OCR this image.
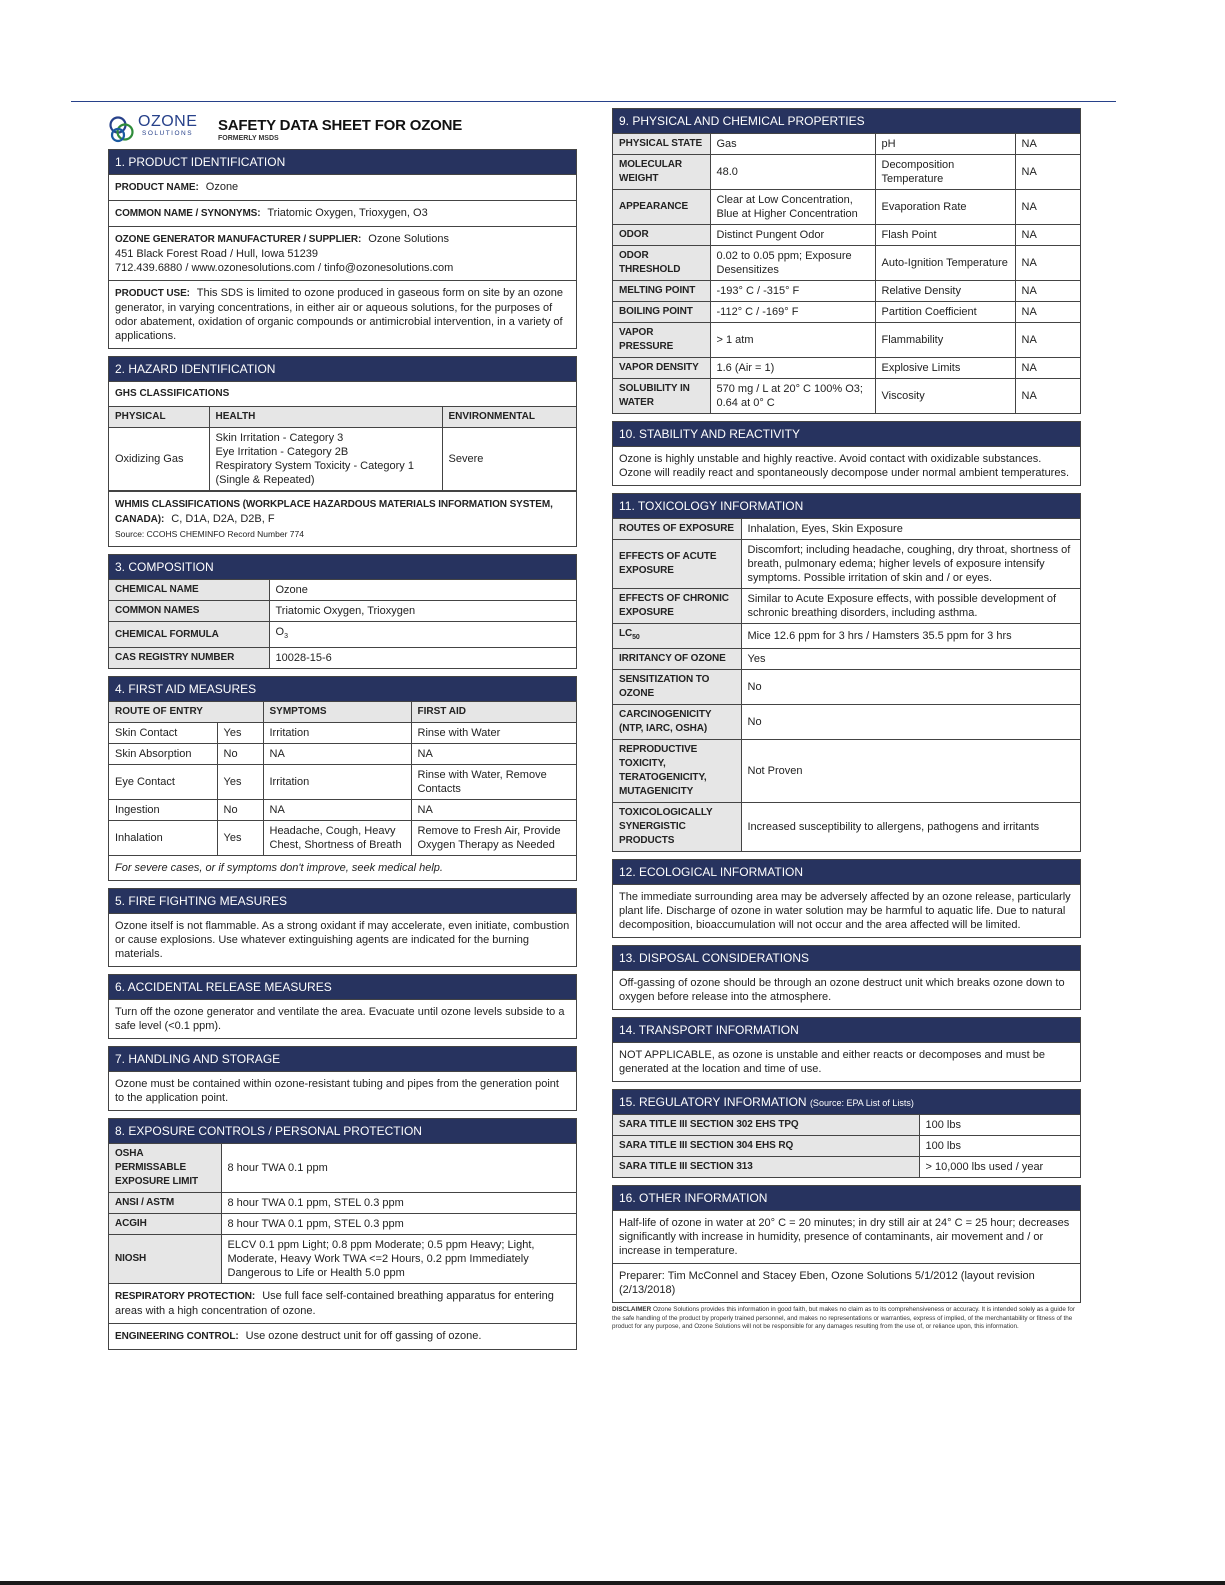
OZONE
SOLUTIONS SAFETY DATA SHEET FOR OZONE
FORMERLY MSDS
1. PRODUCT IDENTIFICATION
PRODUCT NAME: Ozone
COMMON NAME / SYNONYMS: Triatomic Oxygen, Trioxygen, O3
OZONE GENERATOR MANUFACTURER / SUPPLIER: Ozone Solutions
451 Black Forest Road / Hull, Iowa 51239
712.439.6880 / www.ozonesolutions.com / tinfo@ozonesolutions.com
PRODUCT USE: This SDS is limited to ozone produced in gaseous form on site by an ozone generator, in varying concentrations, in either air or aqueous solutions, for the purposes of odor abatement, oxidation of organic compounds or antimicrobial intervention, in a variety of applications.
2. HAZARD IDENTIFICATION
GHS CLASSIFICATIONS
PHYSICAL	HEALTH	ENVIRONMENTAL
Oxidizing Gas	Skin Irritation - Category 3
Eye Irritation - Category 2B
Respiratory System Toxicity - Category 1
(Single & Repeated)	Severe
WHMIS CLASSIFICATIONS (WORKPLACE HAZARDOUS MATERIALS INFORMATION SYSTEM, CANADA): C, D1A, D2A, D2B, F
Source: CCOHS CHEMINFO Record Number 774
3. COMPOSITION
CHEMICAL NAME	Ozone
COMMON NAMES	Triatomic Oxygen, Trioxygen
CHEMICAL FORMULA	$O_3$
CAS REGISTRY NUMBER	10028-15-6
4. FIRST AID MEASURES
ROUTE OF ENTRY		SYMPTOMS	FIRST AID
Skin Contact	Yes	Irritation	Rinse with Water
Skin Absorption	No	NA	NA
Eye Contact	Yes	Irritation	Rinse with Water, Remove Contacts
Ingestion	No	NA	NA
Inhalation	Yes	Headache, Cough, Heavy Chest, Shortness of Breath	Remove to Fresh Air, Provide Oxygen Therapy as Needed
For severe cases, or if symptoms don't improve, seek medical help.
5. FIRE FIGHTING MEASURES
Ozone itself is not flammable. As a strong oxidant if may accelerate, even initiate, combustion or cause explosions. Use whatever extinguishing agents are indicated for the burning materials.
6. ACCIDENTAL RELEASE MEASURES
Turn off the ozone generator and ventilate the area. Evacuate until ozone levels subside to a safe level (<0.1 ppm).
7. HANDLING AND STORAGE
Ozone must be contained within ozone-resistant tubing and pipes from the generation point to the application point.
8. EXPOSURE CONTROLS / PERSONAL PROTECTION
OSHA PERMISSABLE EXPOSURE LIMIT	8 hour TWA 0.1 ppm
ANSI / ASTM	8 hour TWA 0.1 ppm, STEL 0.3 ppm
ACGIH	8 hour TWA 0.1 ppm, STEL 0.3 ppm
NIOSH	ELCV 0.1 ppm Light; 0.8 ppm Moderate; 0.5 ppm Heavy; Light, Moderate, Heavy Work TWA <=2 Hours, 0.2 ppm Immediately Dangerous to Life or Health 5.0 ppm
RESPIRATORY PROTECTION: Use full face self-contained breathing apparatus for entering areas with a high concentration of ozone.
ENGINEERING CONTROL: Use ozone destruct unit for off gassing of ozone.
9. PHYSICAL AND CHEMICAL PROPERTIES
PHYSICAL STATE	Gas	pH	NA
MOLECULAR WEIGHT	48.0	Decomposition Temperature	NA
APPEARANCE	Clear at Low Concentration, Blue at Higher Concentration	Evaporation Rate	NA
ODOR	Distinct Pungent Odor	Flash Point	NA
ODOR THRESHOLD	0.02 to 0.05 ppm; Exposure Desensitizes	Auto-Ignition Temperature	NA
MELTING POINT	-193° C / -315° F	Relative Density	NA
BOILING POINT	-112° C / -169° F	Partition Coefficient	NA
VAPOR PRESSURE	> 1 atm	Flammability	NA
VAPOR DENSITY	1.6 (Air = 1)	Explosive Limits	NA
SOLUBILITY IN WATER	570 mg / L at 20° C 100% O3; 0.64 at 0° C	Viscosity	NA
10. STABILITY AND REACTIVITY
Ozone is highly unstable and highly reactive. Avoid contact with oxidizable substances. Ozone will readily react and spontaneously decompose under normal ambient temperatures.
11. TOXICOLOGY INFORMATION
ROUTES OF EXPOSURE	Inhalation, Eyes, Skin Exposure
EFFECTS OF ACUTE EXPOSURE	Discomfort; including headache, coughing, dry throat, shortness of breath, pulmonary edema; higher levels of exposure intensify symptoms. Possible irritation of skin and / or eyes.
EFFECTS OF CHRONIC EXPOSURE	Similar to Acute Exposure effects, with possible development of schronic breathing disorders, including asthma.
$LC_{50}$	Mice 12.6 ppm for 3 hrs / Hamsters 35.5 ppm for 3 hrs
IRRITANCY OF OZONE	Yes
SENSITIZATION TO OZONE	No
CARCINOGENICITY (NTP, IARC, OSHA)	No
REPRODUCTIVE TOXICITY, TERATOGENICITY, MUTAGENICITY	Not Proven
TOXICOLOGICALLY SYNERGISTIC PRODUCTS	Increased susceptibility to allergens, pathogens and irritants
12. ECOLOGICAL INFORMATION
The immediate surrounding area may be adversely affected by an ozone release, particularly plant life. Discharge of ozone in water solution may be harmful to aquatic life. Due to natural decomposition, bioaccumulation will not occur and the area affected will be limited.
13. DISPOSAL CONSIDERATIONS
Off-gassing of ozone should be through an ozone destruct unit which breaks ozone down to oxygen before release into the atmosphere.
14. TRANSPORT INFORMATION
NOT APPLICABLE, as ozone is unstable and either reacts or decomposes and must be generated at the location and time of use.
15. REGULATORY INFORMATION (Source: EPA List of Lists)
SARA TITLE III SECTION 302 EHS TPQ	100 lbs
SARA TITLE III SECTION 304 EHS RQ	100 lbs
SARA TITLE III SECTION 313	> 10,000 lbs used / year
16. OTHER INFORMATION
Half-life of ozone in water at 20° C = 20 minutes; in dry still air at 24° C = 25 hour; decreases significantly with increase in humidity, presence of contaminants, air movement and / or increase in temperature.
Preparer: Tim McConnel and Stacey Eben, Ozone Solutions 5/1/2012 (layout revision (2/13/2018)
DISCLAIMER Ozone Solutions provides this information in good faith, but makes no claim as to its comprehensiveness or accuracy. It is intended solely as a guide for the safe handling of the product by properly trained personnel, and makes no representations or warranties, express of implied, of the merchantability or fitness of the product for any purpose, and Ozone Solutions will not be responsible for any damages resulting from the use of, or reliance upon, this information.
